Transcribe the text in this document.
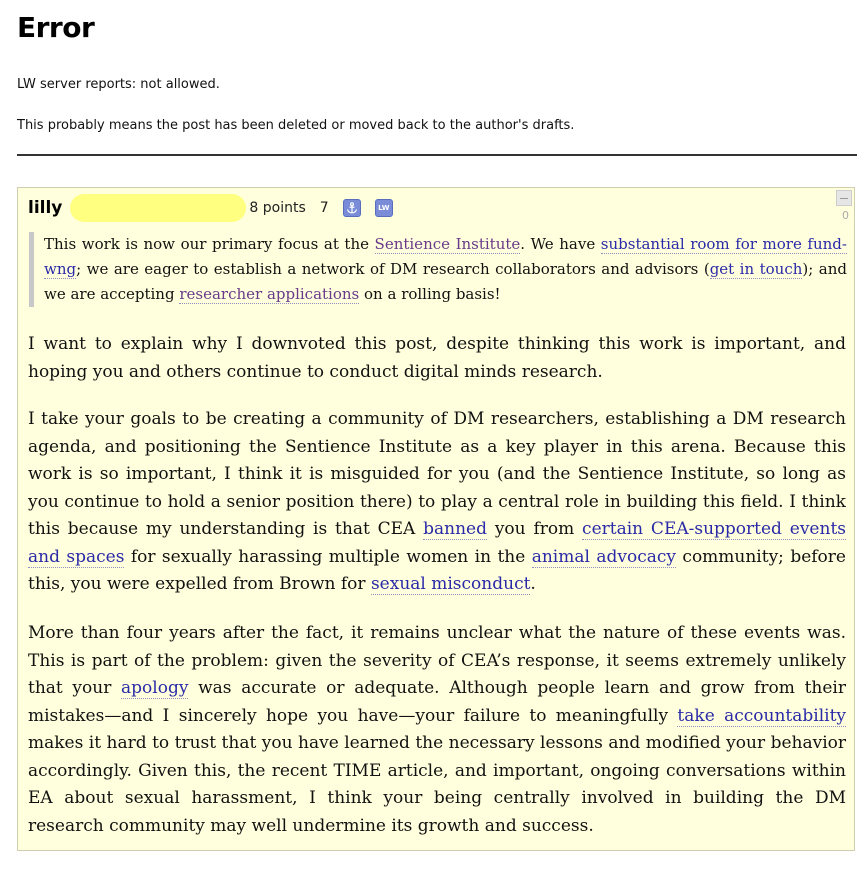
Error

LW server reports: not allowed.

This probably means the post has been deleted or moved back to the author's drafts.

lilly	8 points 7	LW
0
This work is now our primary focus at the Sentience Institute. We have substantial room for more fundwng; we are eager to establish a network of DM research collaborators and advisors (get in touch); and we are accepting researcher applications on a rolling basis!

I want to explain why I downvoted this post, despite thinking this work is important, and hoping you and others continue to conduct digital minds research.

I take your goals to be creating a community of DM researchers, establishing a DM research agenda, and positioning the Sentience Institute as a key player in this arena. Because this work is so important, I think it is misguided for you (and the Sentience Institute, so long as you continue to hold a senior position there) to play a central role in building this field. I think this because my understanding is that CEA banned you from certain CEA-supported events and spaces for sexually harassing multiple women in the animal advocacy community; before this, you were expelled from Brown for sexual misconduct.

More than four years after the fact, it remains unclear what the nature of these events was. This is part of the problem: given the severity of CEA’s response, it seems extremely unlikely that your apology was accurate or adequate. Although people learn and grow from their mistakes—and I sincerely hope you have—your failure to meaningfully take accountability makes it hard to trust that you have learned the necessary lessons and modified your behavior accordingly. Given this, the recent TIME article, and important, ongoing conversations within EA about sexual harassment, I think your being centrally involved in building the DM research community may well undermine its growth and success.
